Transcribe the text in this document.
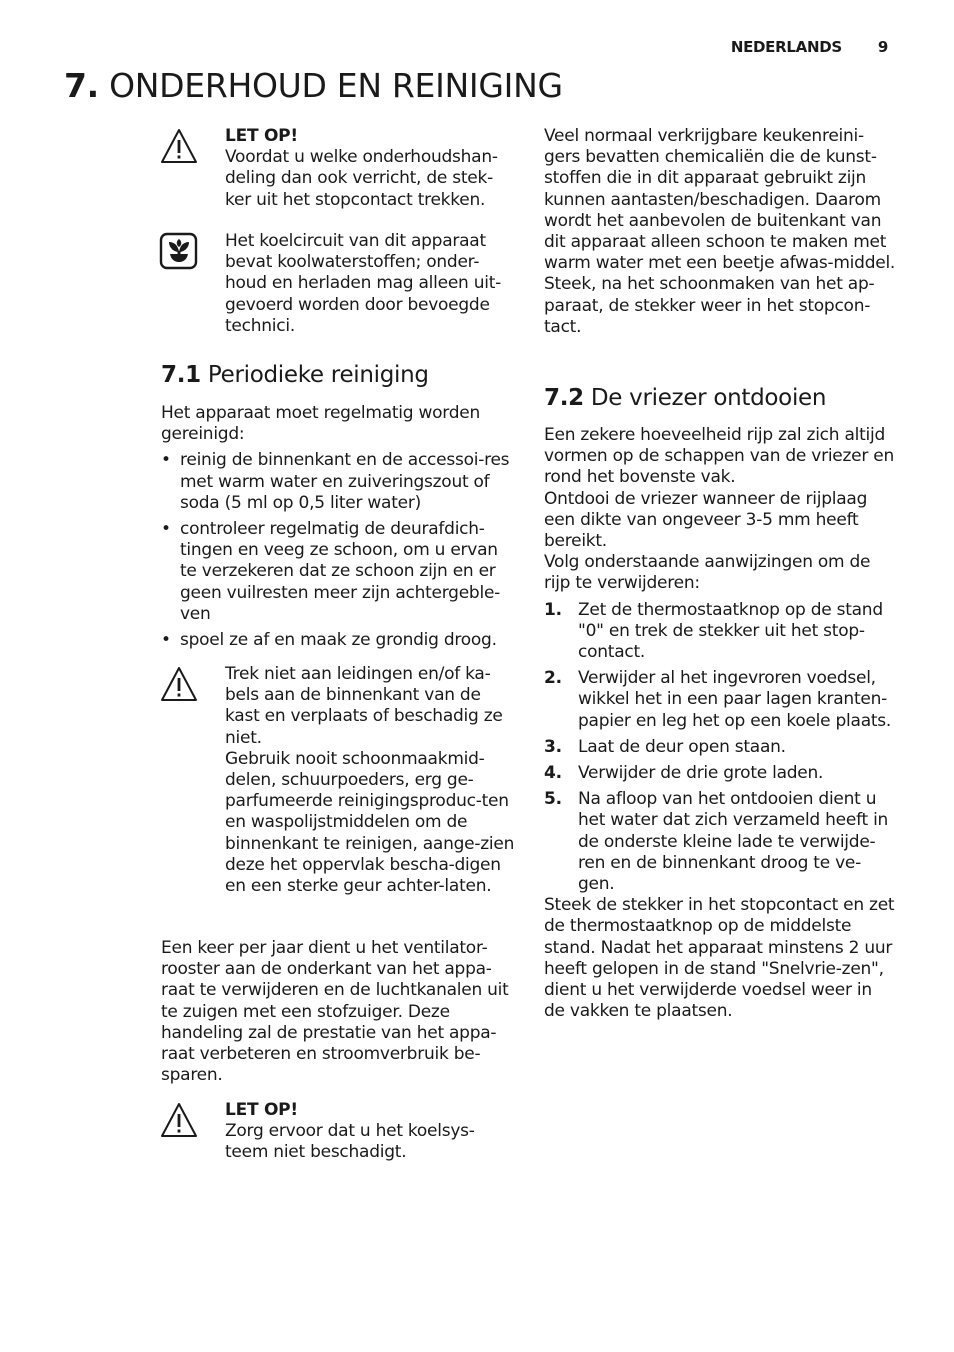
NEDERLANDS 9
7. ONDERHOUD EN REINIGING

LET OP!

Voordat u welke onderhoudshan-deling dan ook verricht, de stek-ker uit het stopcontact trekken.

Het koelcircuit van dit apparaat bevat koolwaterstoffen; onder-houd en herladen mag alleen uit-gevoerd worden door bevoegde technici.

7.1 Periodieke reiniging

Het apparaat moet regelmatig worden gereinigd:

• reinig de binnenkant en de accessoi-res met warm water en zuiveringszout of soda (5 ml op 0,5 liter water)
• controleer regelmatig de deurafdich-tingen en veeg ze schoon, om u ervan te verzekeren dat ze schoon zijn en er geen vuilresten meer zijn achtergeble-ven
• spoel ze af en maak ze grondig droog.

Trek niet aan leidingen en/of ka-bels aan de binnenkant van de kast en verplaats of beschadig ze niet.

Gebruik nooit schoonmaakmid-delen, schuurpoeders, erg ge-parfumeerde reinigingsproduc-ten en waspolijstmiddelen om de binnenkant te reinigen, aange-zien deze het oppervlak bescha-digen en een sterke geur achter-laten.

Een keer per jaar dient u het ventilator-rooster aan de onderkant van het appa-raat te verwijderen en de luchtkanalen uit te zuigen met een stofzuiger. Deze handeling zal de prestatie van het appa-raat verbeteren en stroomverbruik be-sparen.

LET OP!

Zorg ervoor dat u het koelsys-teem niet beschadigt.

Veel normaal verkrijgbare keukenreini-gers bevatten chemicaliën die de kunst-stoffen die in dit apparaat gebruikt zijn kunnen aantasten/beschadigen. Daarom wordt het aanbevolen de buitenkant van dit apparaat alleen schoon te maken met warm water met een beetje afwas-middel.

Steek, na het schoonmaken van het ap-paraat, de stekker weer in het stopcon-tact.

7.2 De vriezer ontdooien

Een zekere hoeveelheid rijp zal zich altijd vormen op de schappen van de vriezer en rond het bovenste vak.

Ontdooi de vriezer wanneer de rijplaag een dikte van ongeveer 3-5 mm heeft bereikt.

Volg onderstaande aanwijzingen om de rijp te verwijderen:

1. Zet de thermostaatknop op de stand "0" en trek de stekker uit het stop-contact.
2. Verwijder al het ingevroren voedsel, wikkel het in een paar lagen kranten-papier en leg het op een koele plaats.
3. Laat de deur open staan.
4. Verwijder de drie grote laden.
5. Na afloop van het ontdooien dient u het water dat zich verzameld heeft in de onderste kleine lade te verwijde-ren en de binnenkant droog te ve-gen.

Steek de stekker in het stopcontact en zet de thermostaatknop op de middelste stand. Nadat het apparaat minstens 2 uur heeft gelopen in de stand "Snelvrie-zen", dient u het verwijderde voedsel weer in de vakken te plaatsen.
